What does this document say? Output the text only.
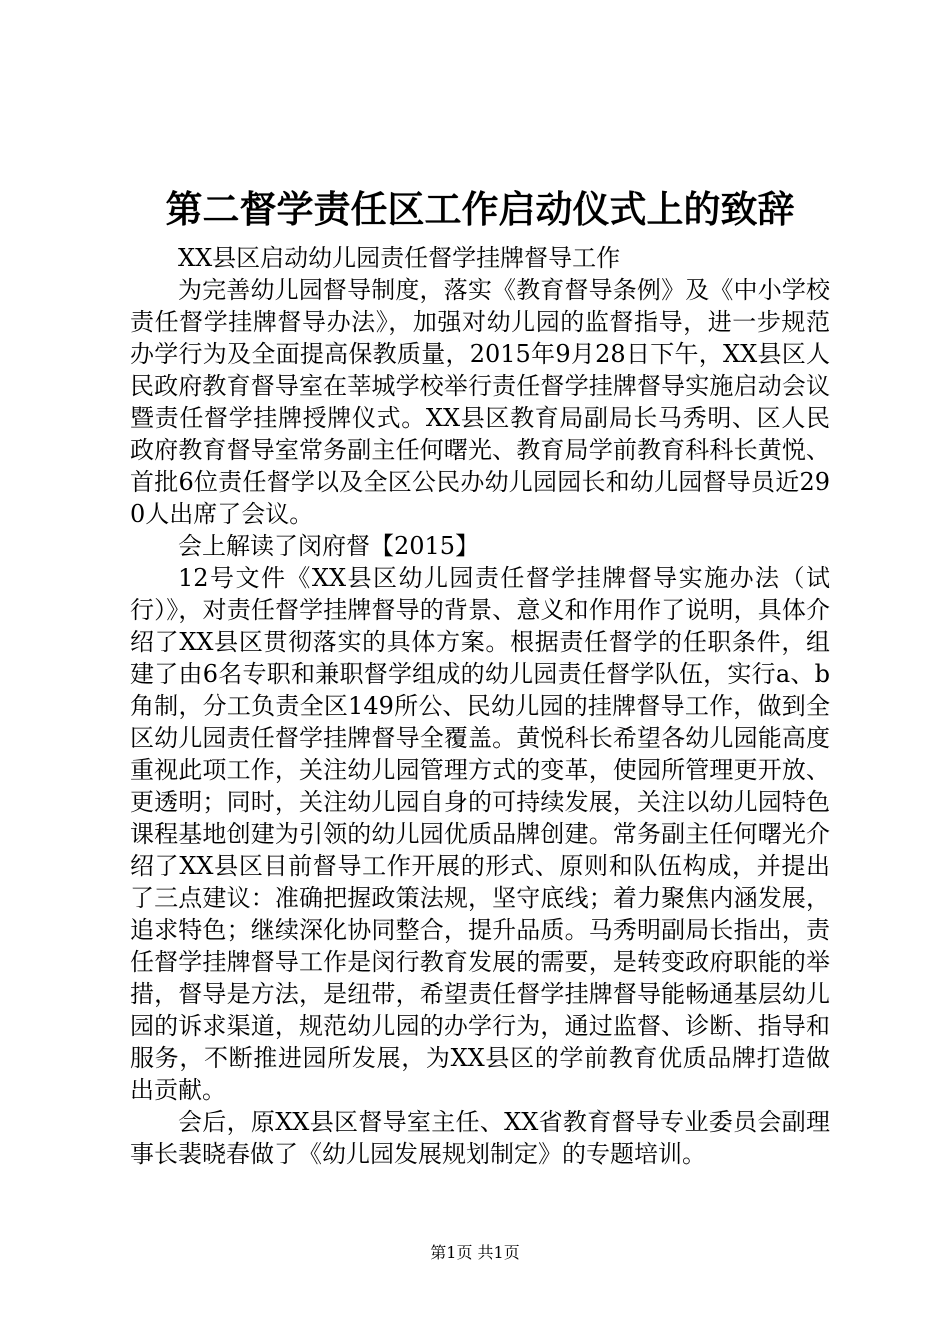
第二督学责任区工作启动仪式上的致辞

XX县区启动幼儿园责任督学挂牌督导工作

为完善幼儿园督导制度，落实《教育督导条例》及《中小学校责任督学挂牌督导办法》，加强对幼儿园的监督指导，进一步规范办学行为及全面提高保教质量，2015年9月28日下午，XX县区人民政府教育督导室在莘城学校举行责任督学挂牌督导实施启动会议暨责任督学挂牌授牌仪式。XX县区教育局副局长马秀明、区人民政府教育督导室常务副主任何曙光、教育局学前教育科科长黄悦、首批6位责任督学以及全区公民办幼儿园园长和幼儿园督导员近290人出席了会议。

会上解读了闵府督【2015】

12号文件《XX县区幼儿园责任督学挂牌督导实施办法（试行）》，对责任督学挂牌督导的背景、意义和作用作了说明，具体介绍了XX县区贯彻落实的具体方案。根据责任督学的任职条件，组建了由6名专职和兼职督学组成的幼儿园责任督学队伍，实行a、b角制，分工负责全区149所公、民幼儿园的挂牌督导工作，做到全区幼儿园责任督学挂牌督导全覆盖。黄悦科长希望各幼儿园能高度重视此项工作，关注幼儿园管理方式的变革，使园所管理更开放、更透明；同时，关注幼儿园自身的可持续发展，关注以幼儿园特色课程基地创建为引领的幼儿园优质品牌创建。常务副主任何曙光介绍了XX县区目前督导工作开展的形式、原则和队伍构成，并提出了三点建议：准确把握政策法规，坚守底线；着力聚焦内涵发展，追求特色；继续深化协同整合，提升品质。马秀明副局长指出，责任督学挂牌督导工作是闵行教育发展的需要，是转变政府职能的举措，督导是方法，是纽带，希望责任督学挂牌督导能畅通基层幼儿园的诉求渠道，规范幼儿园的办学行为，通过监督、诊断、指导和服务，不断推进园所发展，为XX县区的学前教育优质品牌打造做出贡献。

会后，原XX县区督导室主任、XX省教育督导专业委员会副理事长裴晓春做了《幼儿园发展规划制定》的专题培训。

第1页 共1页
